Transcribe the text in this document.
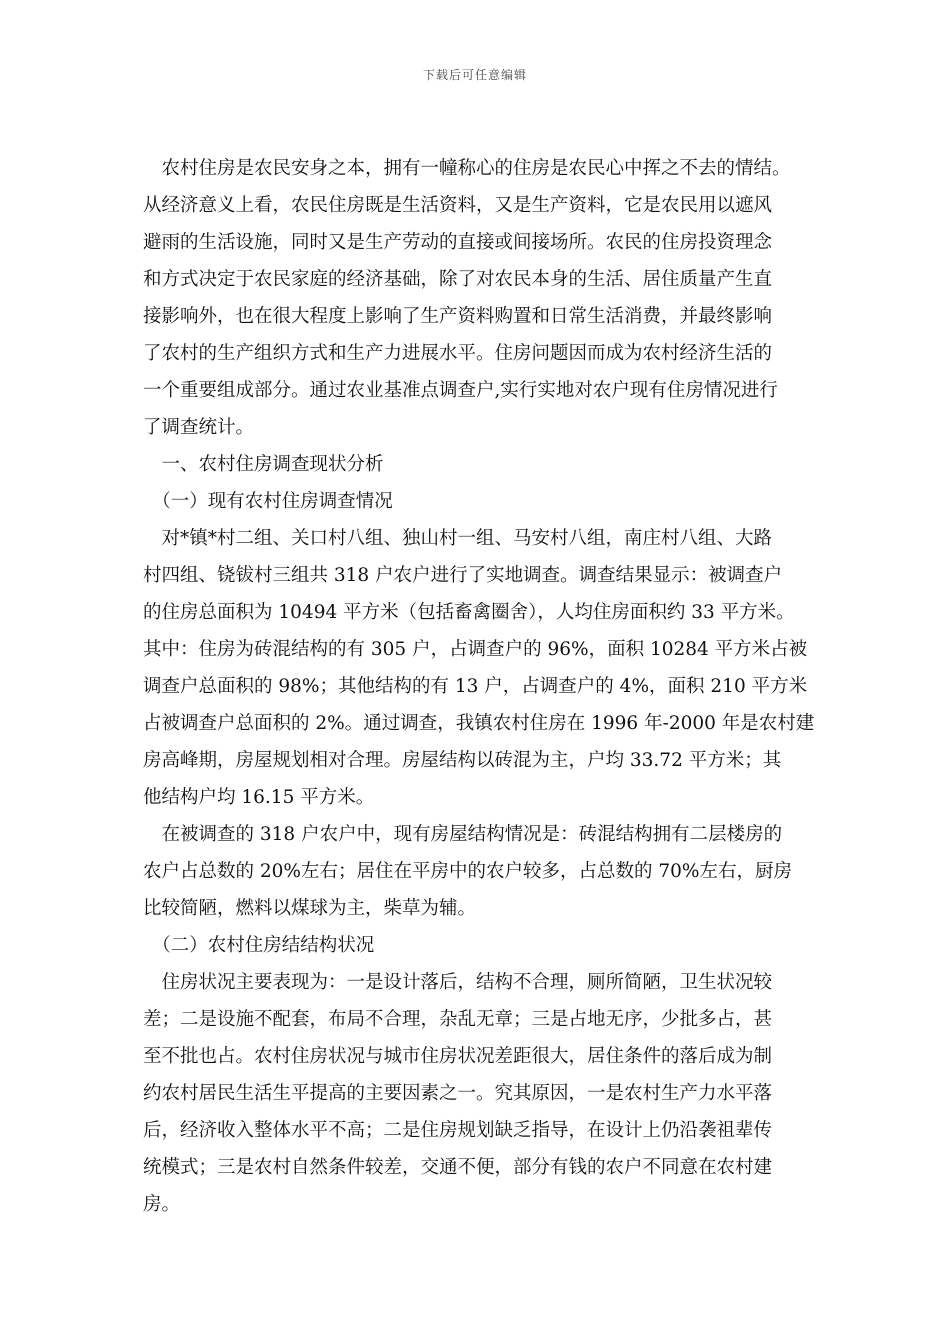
下载后可任意编辑
　农村住房是农民安身之本，拥有一幢称心的住房是农民心中挥之不去的情结。
从经济意义上看，农民住房既是生活资料，又是生产资料，它是农民用以遮风
避雨的生活设施，同时又是生产劳动的直接或间接场所。农民的住房投资理念
和方式决定于农民家庭的经济基础，除了对农民本身的生活、居住质量产生直
接影响外，也在很大程度上影响了生产资料购置和日常生活消费，并最终影响
了农村的生产组织方式和生产力进展水平。住房问题因而成为农村经济生活的
一个重要组成部分。通过农业基准点调查户,实行实地对农户现有住房情况进行
了调查统计。
　一、农村住房调查现状分析
　（一）现有农村住房调查情况
　对*镇*村二组、关口村八组、独山村一组、马安村八组，南庄村八组、大路
村四组、铙钹村三组共 318 户农户进行了实地调查。调查结果显示：被调查户
的住房总面积为 10494 平方米（包括畜禽圈舍），人均住房面积约 33 平方米。
其中：住房为砖混结构的有 305 户，占调查户的 96%，面积 10284 平方米占被
调查户总面积的 98%；其他结构的有 13 户，占调查户的 4%，面积 210 平方米
占被调查户总面积的 2%。通过调查，我镇农村住房在 1996 年-2000 年是农村建
房高峰期，房屋规划相对合理。房屋结构以砖混为主，户均 33.72 平方米；其
他结构户均 16.15 平方米。
　在被调查的 318 户农户中，现有房屋结构情况是：砖混结构拥有二层楼房的
农户占总数的 20%左右；居住在平房中的农户较多，占总数的 70%左右，厨房
比较简陋，燃料以煤球为主，柴草为辅。
　（二）农村住房结结构状况
　住房状况主要表现为：一是设计落后，结构不合理，厕所简陋，卫生状况较
差；二是设施不配套，布局不合理，杂乱无章；三是占地无序，少批多占，甚
至不批也占。农村住房状况与城市住房状况差距很大，居住条件的落后成为制
约农村居民生活生平提高的主要因素之一。究其原因，一是农村生产力水平落
后，经济收入整体水平不高；二是住房规划缺乏指导，在设计上仍沿袭祖辈传
统模式；三是农村自然条件较差，交通不便，部分有钱的农户不同意在农村建
房。
